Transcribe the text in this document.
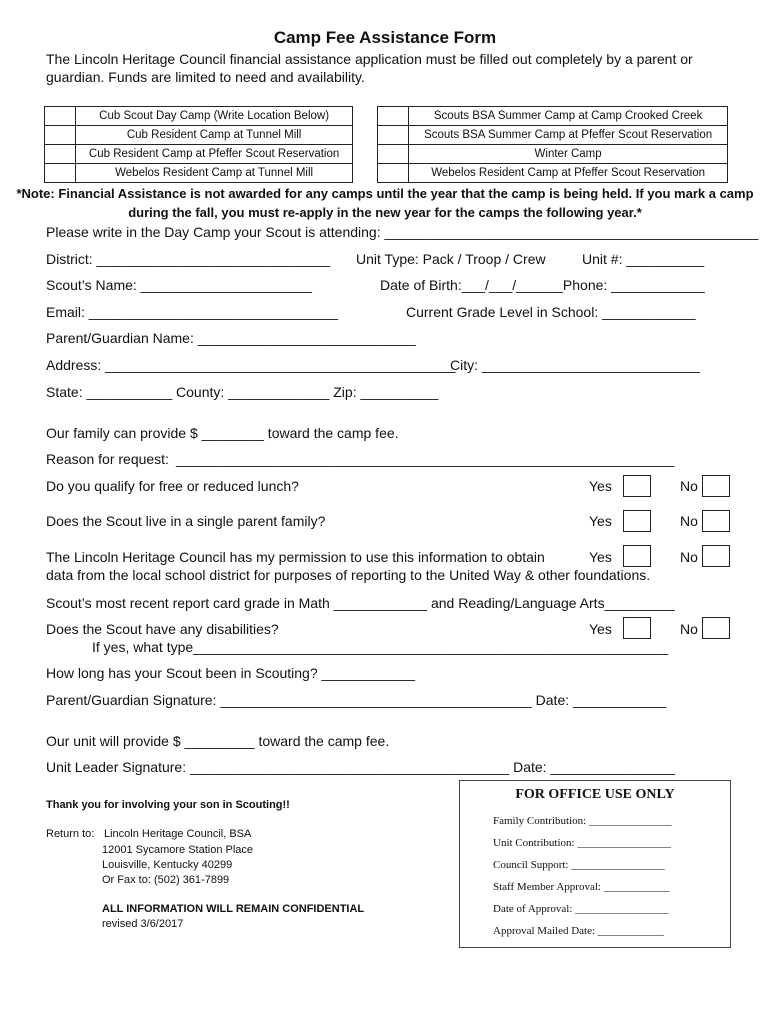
Camp Fee Assistance Form
The Lincoln Heritage Council financial assistance application must be filled out completely by a parent or guardian. Funds are limited to need and availability.
	Cub Scout Day Camp (Write Location Below)			Scouts BSA Summer Camp at Camp Crooked Creek
	Cub Resident Camp at Tunnel Mill			Scouts BSA Summer Camp at Pfeffer Scout Reservation
	Cub Resident Camp at Pfeffer Scout Reservation			Winter Camp
	Webelos Resident Camp at Tunnel Mill			Webelos Resident Camp at Pfeffer Scout Reservation
*Note: Financial Assistance is not awarded for any camps until the year that the camp is being held. If you mark a camp during the fall, you must re-apply in the new year for the camps the following year.*
Please write in the Day Camp your Scout is attending: ________________________________________________
District: ______________________________ Unit Type: Pack / Troop / Crew	Unit #: __________
Scout’s Name: ______________________	Date of Birth:___/___/______Phone: ____________
Email: ________________________________	Current Grade Level in School: ____________
Parent/Guardian Name: ____________________________
Address: _____________________________________________
City: ____________________________
State: ___________ County: _____________ Zip: __________
Our family can provide $ ________ toward the camp fee.
Reason for request: ________________________________________________________________
Do you qualify for free or reduced lunch?	Yes	No
Does the Scout live in a single parent family?	Yes	No
The Lincoln Heritage Council has my permission to use this information to obtain	Yes	No
data from the local school district for purposes of reporting to the United Way & other foundations.
Scout’s most recent report card grade in Math ____________ and Reading/Language Arts_________
Does the Scout have any disabilities?	Yes	No
If yes, what type_____________________________________________________________
How long has your Scout been in Scouting? ____________
Parent/Guardian Signature: ________________________________________ Date: ____________
Our unit will provide $ _________ toward the camp fee.
Unit Leader Signature: _________________________________________ Date: ________________
Thank you for involving your son in Scouting!!
Return to: Lincoln Heritage Council, BSA
12001 Sycamore Station Place
Louisville, Kentucky 40299
Or Fax to: (502) 361-7899
ALL INFORMATION WILL REMAIN CONFIDENTIAL
revised 3/6/2017
FOR OFFICE USE ONLY
Family Contribution: _______________
Unit Contribution: _________________
Council Support: _________________
Staff Member Approval: ____________
Date of Approval: _________________
Approval Mailed Date: ____________
